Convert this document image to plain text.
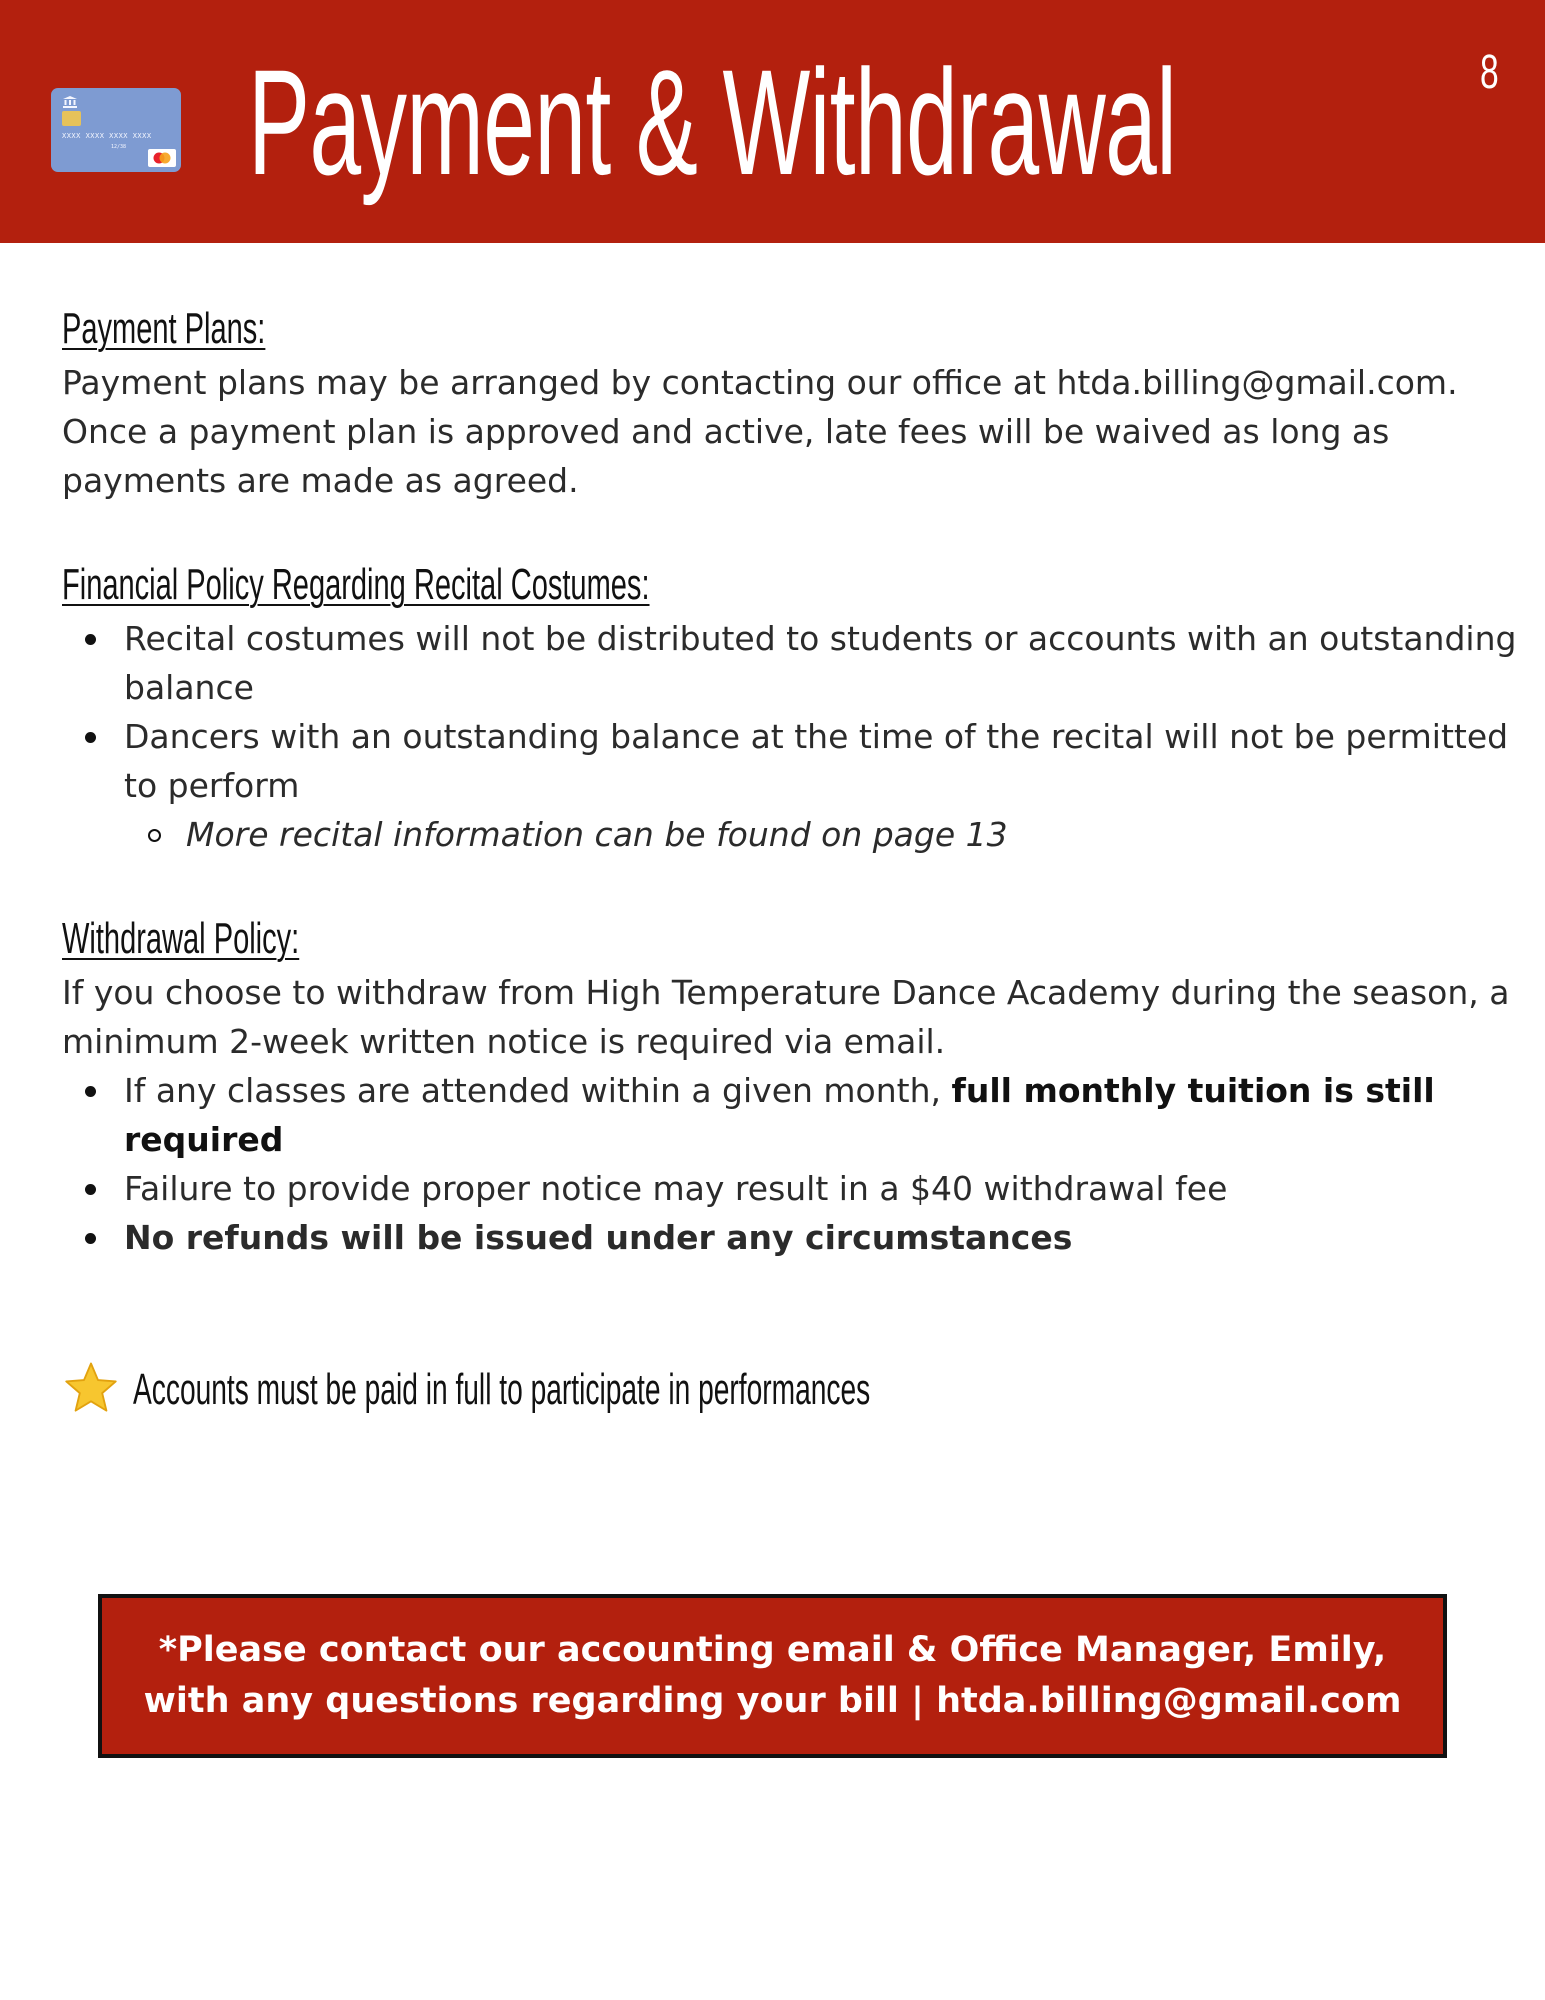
XXXX XXXX XXXX XXXX
12/38 Payment & Withdrawal	8
Payment Plans:

Payment plans may be arranged by contacting our office at htda.billing@gmail.com. Once a payment plan is approved and active, late fees will be waived as long as payments are made as agreed.

Financial Policy Regarding Recital Costumes:
Recital costumes will not be distributed to students or accounts with an outstanding balance
Dancers with an outstanding balance at the time of the recital will not be permitted to perform
More recital information can be found on page 13
Withdrawal Policy:

If you choose to withdraw from High Temperature Dance Academy during the season, a minimum 2-week written notice is required via email.

If any classes are attended within a given month, full monthly tuition is still required
Failure to provide proper notice may result in a $40 withdrawal fee
No refunds will be issued under any circumstances
Accounts must be paid in full to participate in performances
*Please contact our accounting email & Office Manager, Emily, with any questions regarding your bill | htda.billing@gmail.com
